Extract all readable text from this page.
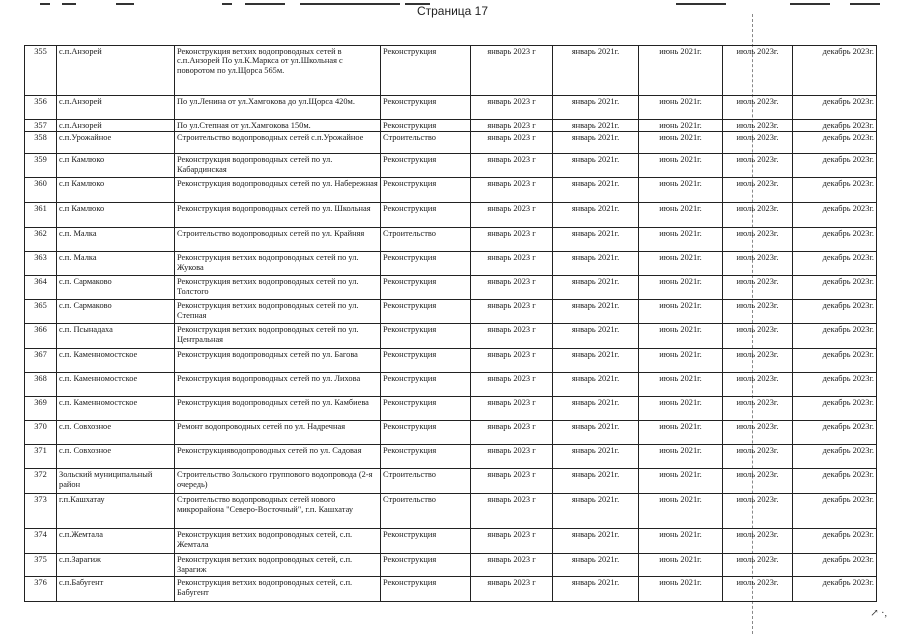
Страница 17
355	с.п.Анзорей	Реконструкция ветхих водопроводных сетей в с.п.Анзорей По ул.К.Маркса от ул.Школьная с поворотом по ул.Щорса 565м.	Реконструкция	январь 2023 г	январь 2021г.	июнь 2021г.	июль 2023г.	декабрь 2023г.
356	с.п.Анзорей	По ул.Ленина от ул.Хамгокова до ул.Щорса 420м.	Реконструкция	январь 2023 г	январь 2021г.	июнь 2021г.	июль 2023г.	декабрь 2023г.
357	с.п.Анзорей	По ул.Степная от ул.Хамгокова 150м.	Реконструкция	январь 2023 г	январь 2021г.	июнь 2021г.	июль 2023г.	декабрь 2023г.
358	с.п.Урожайное	Строительство водопроводных сетей с.п.Урожайное	Строительство	январь 2023 г	январь 2021г.	июнь 2021г.	июль 2023г.	декабрь 2023г.
359	с.п Камлюко	Реконструкция водопроводных сетей по ул. Кабардинская	Реконструкция	январь 2023 г	январь 2021г.	июнь 2021г.	июль 2023г.	декабрь 2023г.
360	с.п Камлюко	Реконструкция водопроводных сетей по ул. Набережная	Реконструкция	январь 2023 г	январь 2021г.	июнь 2021г.	июль 2023г.	декабрь 2023г.
361	с.п Камлюко	Реконструкция водопроводных сетей по ул. Школьная	Реконструкция	январь 2023 г	январь 2021г.	июнь 2021г.	июль 2023г.	декабрь 2023г.
362	с.п. Малка	Строительство водопроводных сетей по ул. Крайняя	Строительство	январь 2023 г	январь 2021г.	июнь 2021г.	июль 2023г.	декабрь 2023г.
363	с.п. Малка	Реконструкция ветхих водопроводных сетей по ул. Жукова	Реконструкция	январь 2023 г	январь 2021г.	июнь 2021г.	июль 2023г.	декабрь 2023г.
364	с.п. Сармаково	Реконструкция ветхих водопроводных сетей по ул. Толстого	Реконструкция	январь 2023 г	январь 2021г.	июнь 2021г.	июль 2023г.	декабрь 2023г.
365	с.п. Сармаково	Реконструкция ветхих водопроводных сетей по ул. Степная	Реконструкция	январь 2023 г	январь 2021г.	июнь 2021г.	июль 2023г.	декабрь 2023г.
366	с.п. Псынадаха	Реконструкция ветхих водопроводных сетей по ул. Центральная	Реконструкция	январь 2023 г	январь 2021г.	июнь 2021г.	июль 2023г.	декабрь 2023г.
367	с.п. Каменномостское	Реконструкция водопроводных сетей по ул. Багова	Реконструкция	январь 2023 г	январь 2021г.	июнь 2021г.	июль 2023г.	декабрь 2023г.
368	с.п. Каменномостское	Реконструкция водопроводных сетей по ул. Лихова	Реконструкция	январь 2023 г	январь 2021г.	июнь 2021г.	июль 2023г.	декабрь 2023г.
369	с.п. Каменномостское	Реконструкция водопроводных сетей по ул. Камбиева	Реконструкция	январь 2023 г	январь 2021г.	июнь 2021г.	июль 2023г.	декабрь 2023г.
370	с.п. Совхозное	Ремонт водопроводных сетей по ул. Надречная	Реконструкция	январь 2023 г	январь 2021г.	июнь 2021г.	июль 2023г.	декабрь 2023г.
371	с.п. Совхозное	Реконструкцияводопроводных сетей по ул. Садовая	Реконструкция	январь 2023 г	январь 2021г.	июнь 2021г.	июль 2023г.	декабрь 2023г.
372	Зольский муниципальный район	Строительство Зольского группового водопровода (2-я очередь)	Строительство	январь 2023 г	январь 2021г.	июнь 2021г.	июль 2023г.	декабрь 2023г.
373	г.п.Кашхатау	Строительство водопроводных сетей нового микрорайона "Северо-Восточный", г.п. Кашхатау	Строительство	январь 2023 г	январь 2021г.	июнь 2021г.	июль 2023г.	декабрь 2023г.
374	с.п.Жемтала	Реконструкция ветхих водопроводных сетей, с.п. Жемтала	Реконструкция	январь 2023 г	январь 2021г.	июнь 2021г.	июль 2023г.	декабрь 2023г.
375	с.п.Зарагиж	Реконструкция ветхих водопроводных сетей, с.п. Зарагиж	Реконструкция	январь 2023 г	январь 2021г.	июнь 2021г.	июль 2023г.	декабрь 2023г.
376	с.п.Бабугент	Реконструкция ветхих водопроводных сетей, с.п. Бабугент	Реконструкция	январь 2023 г	январь 2021г.	июнь 2021г.	июль 2023г.	декабрь 2023г.
↗ ·,
